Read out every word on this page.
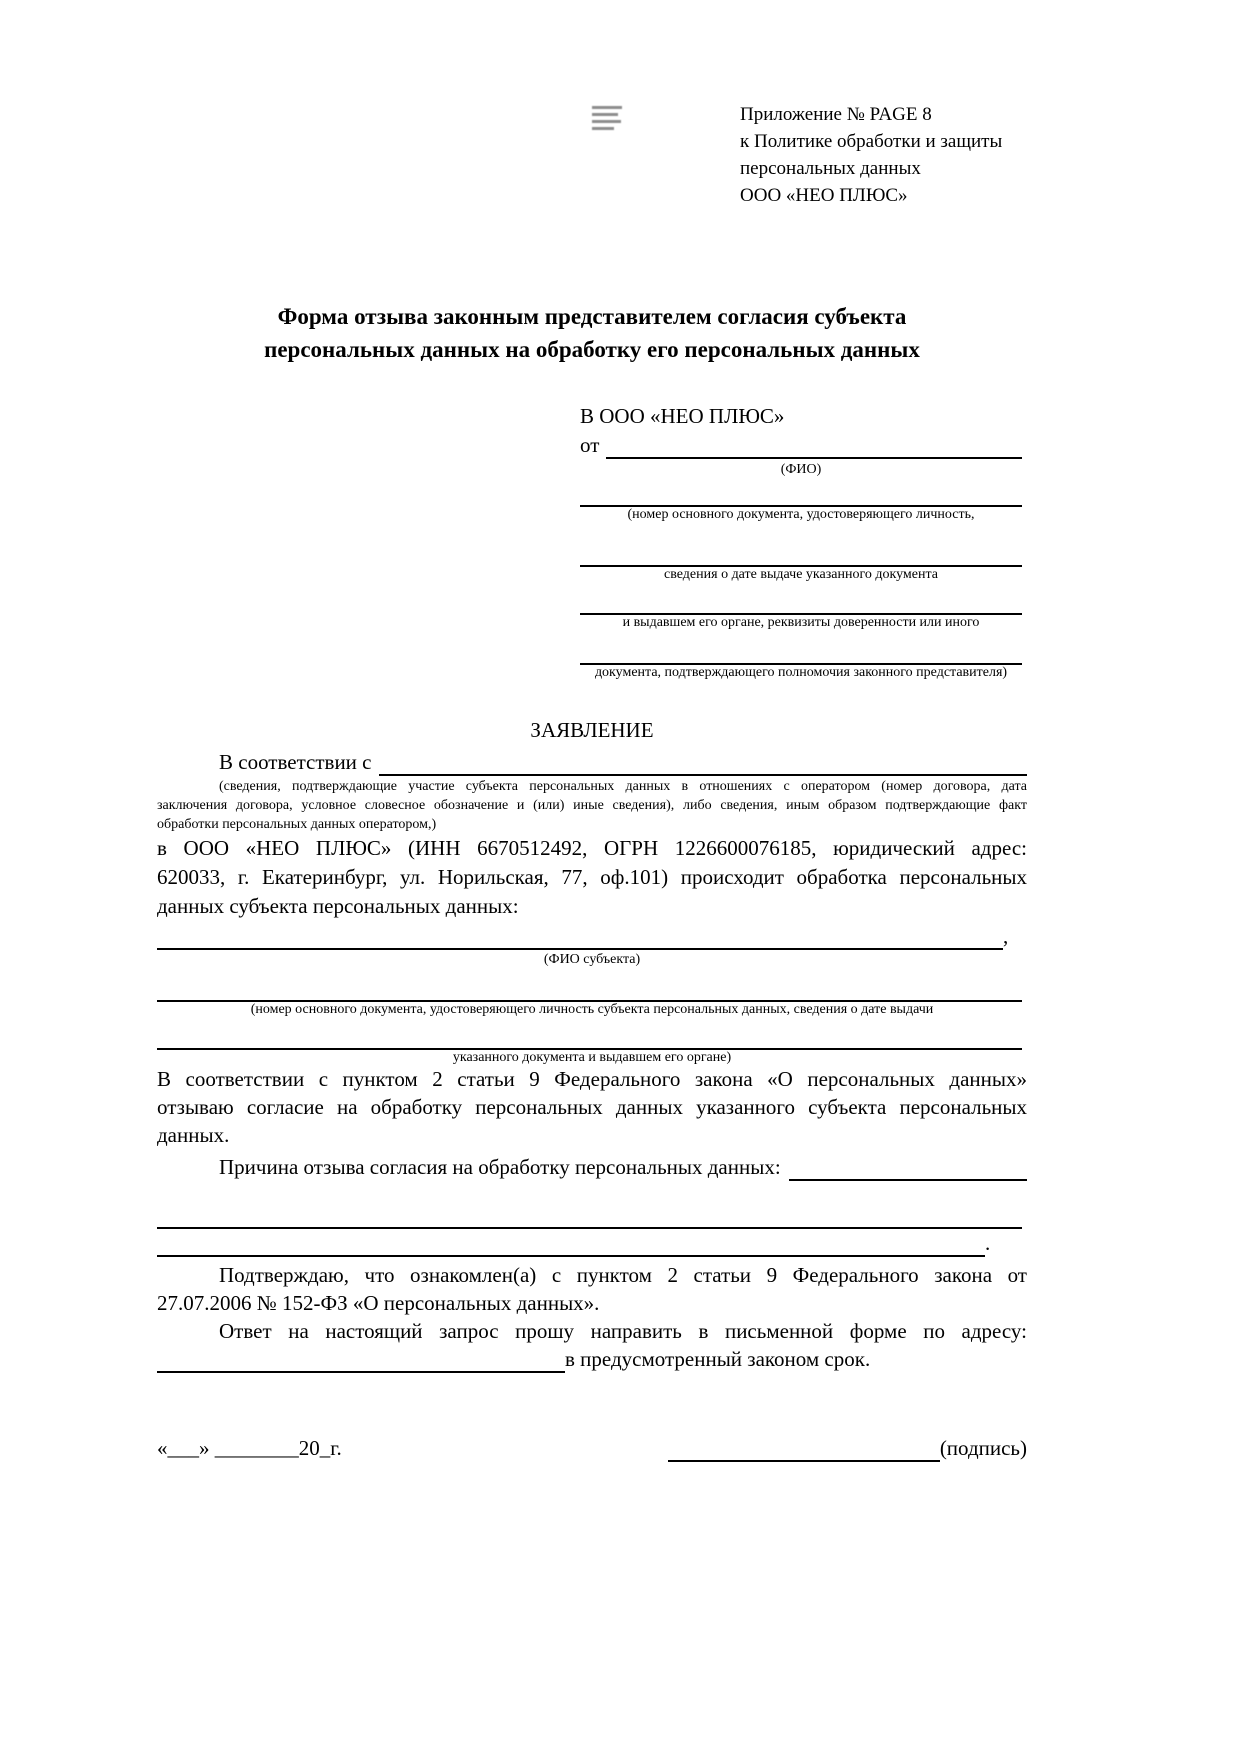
Приложение № PAGE 8
к Политике обработки и защиты
персональных данных
ООО «НЕО ПЛЮС»
Форма отзыва законным представителем согласия субъекта
персональных данных на обработку его персональных данных
В ООО «НЕО ПЛЮС»
от
(ФИО)
(номер основного документа, удостоверяющего личность,
сведения о дате выдаче указанного документа
и выдавшем его органе, реквизиты доверенности или иного
документа, подтверждающего полномочия законного представителя)
ЗАЯВЛЕНИЕ
В соответствии с
(сведения, подтверждающие участие субъекта персональных данных в отношениях с оператором (номер договора, дата
заключения договора, условное словесное обозначение и (или) иные сведения), либо сведения, иным образом подтверждающие факт
обработки персональных данных оператором,)
в ООО «НЕО ПЛЮС» (ИНН 6670512492, ОГРН 1226600076185, юридический адрес:
620033, г. Екатеринбург, ул. Норильская, 77, оф.101) происходит обработка персональных
данных субъекта персональных данных:
,
(ФИО субъекта)
(номер основного документа, удостоверяющего личность субъекта персональных данных, сведения о дате выдачи
указанного документа и выдавшем его органе)
В соответствии с пунктом 2 статьи 9 Федерального закона «О персональных данных»
отзываю согласие на обработку персональных данных указанного субъекта персональных
данных.
Причина отзыва согласия на обработку персональных данных:
.
Подтверждаю, что ознакомлен(а) с пунктом 2 статьи 9 Федерального закона от
27.07.2006 № 152-ФЗ «О персональных данных».
Ответ на настоящий запрос прошу направить в письменной форме по адресу:
в предусмотренный законом срок.
«___» ________20_г.	(подпись)
